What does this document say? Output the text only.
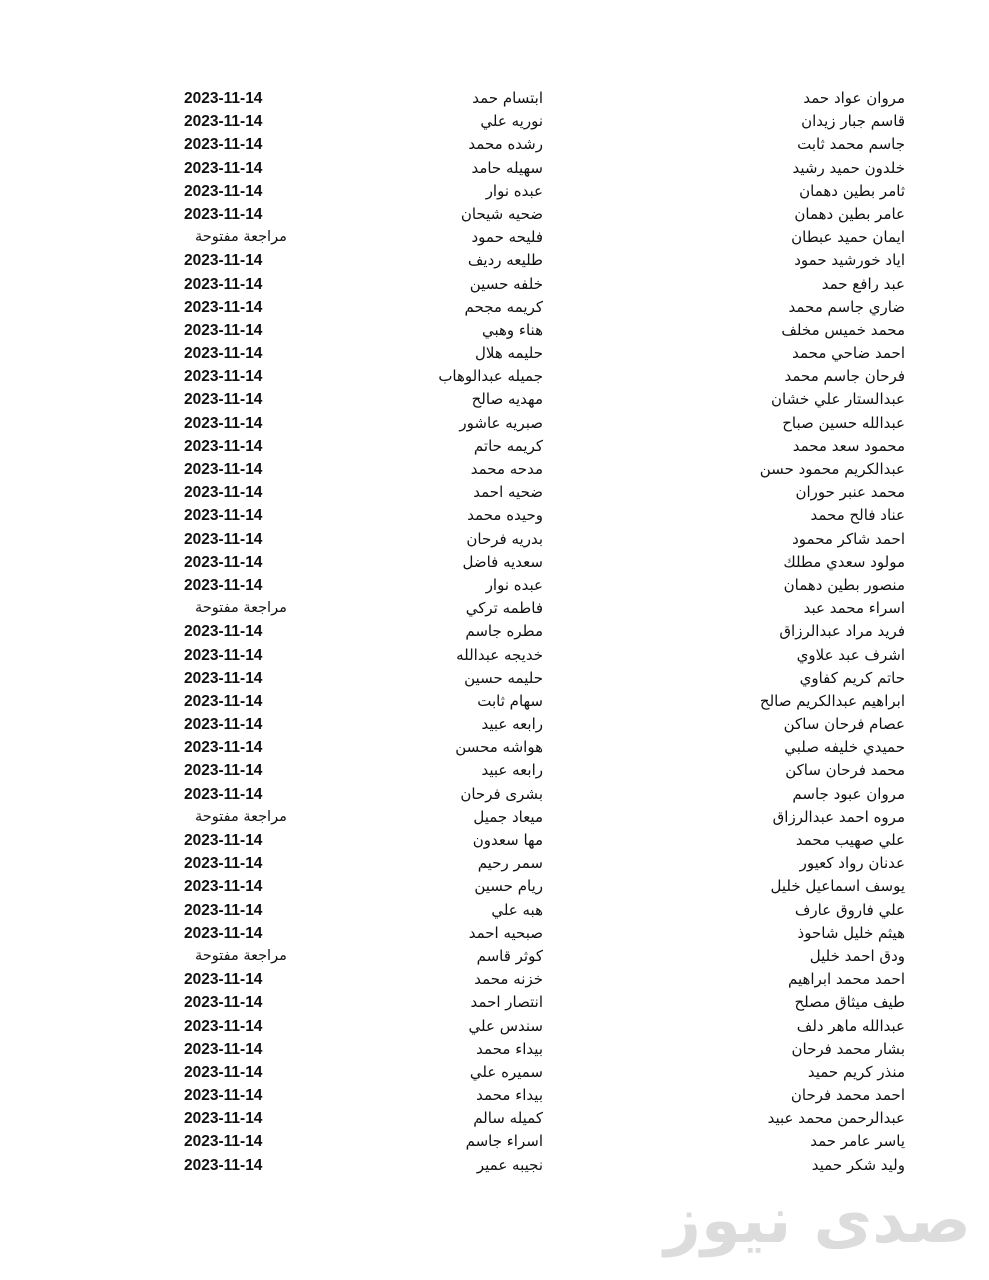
مروان عواد حمد
ابتسام حمد
2023-11-14
قاسم جبار زيدان
نوريه علي
2023-11-14
جاسم محمد ثابت
رشده محمد
2023-11-14
خلدون حميد رشيد
سهيله حامد
2023-11-14
ثامر بطين دهمان
عبده نوار
2023-11-14
عامر بطين دهمان
ضحيه شيحان
2023-11-14
ايمان حميد عبطان
فليحه حمود
مراجعة مفتوحة
اياد خورشيد حمود
طليعه رديف
2023-11-14
عبد رافع حمد
خلفه حسين
2023-11-14
ضاري جاسم محمد
كريمه مجحم
2023-11-14
محمد خميس مخلف
هناء وهبي
2023-11-14
احمد ضاحي محمد
حليمه هلال
2023-11-14
فرحان جاسم محمد
جميله عبدالوهاب
2023-11-14
عبدالستار علي خشان
مهديه صالح
2023-11-14
عبدالله حسين صباح
صبريه عاشور
2023-11-14
محمود سعد محمد
كريمه حاتم
2023-11-14
عبدالكريم محمود حسن
مدحه محمد
2023-11-14
محمد عنبر حوران
ضحيه احمد
2023-11-14
عناد فالح محمد
وحيده محمد
2023-11-14
احمد شاكر محمود
بدريه فرحان
2023-11-14
مولود سعدي مطلك
سعديه فاضل
2023-11-14
منصور بطين دهمان
عبده نوار
2023-11-14
اسراء محمد عبد
فاطمه تركي
مراجعة مفتوحة
فريد مراد عبدالرزاق
مطره جاسم
2023-11-14
اشرف عبد علاوي
خديجه عبدالله
2023-11-14
حاتم كريم كفاوي
حليمه حسين
2023-11-14
ابراهيم عبدالكريم صالح
سهام ثابت
2023-11-14
عصام فرحان ساكن
رابعه عبيد
2023-11-14
حميدي خليفه صلبي
هواشه محسن
2023-11-14
محمد فرحان ساكن
رابعه عبيد
2023-11-14
مروان عبود جاسم
بشرى فرحان
2023-11-14
مروه احمد عبدالرزاق
ميعاد جميل
مراجعة مفتوحة
علي صهيب محمد
مها سعدون
2023-11-14
عدنان رواد كعيور
سمر رحيم
2023-11-14
يوسف اسماعيل خليل
ريام حسين
2023-11-14
علي فاروق عارف
هبه علي
2023-11-14
هيثم خليل شاحوذ
صبحيه احمد
2023-11-14
ودق احمد خليل
كوثر قاسم
مراجعة مفتوحة
احمد محمد ابراهيم
خزنه محمد
2023-11-14
طيف ميثاق مصلح
انتصار احمد
2023-11-14
عبدالله ماهر دلف
سندس علي
2023-11-14
بشار محمد فرحان
بيداء محمد
2023-11-14
منذر كريم حميد
سميره علي
2023-11-14
احمد محمد فرحان
بيداء محمد
2023-11-14
عبدالرحمن محمد عبيد
كميله سالم
2023-11-14
ياسر عامر حمد
اسراء جاسم
2023-11-14
وليد شكر حميد
نجيبه عمير
2023-11-14
صدى نيوز
